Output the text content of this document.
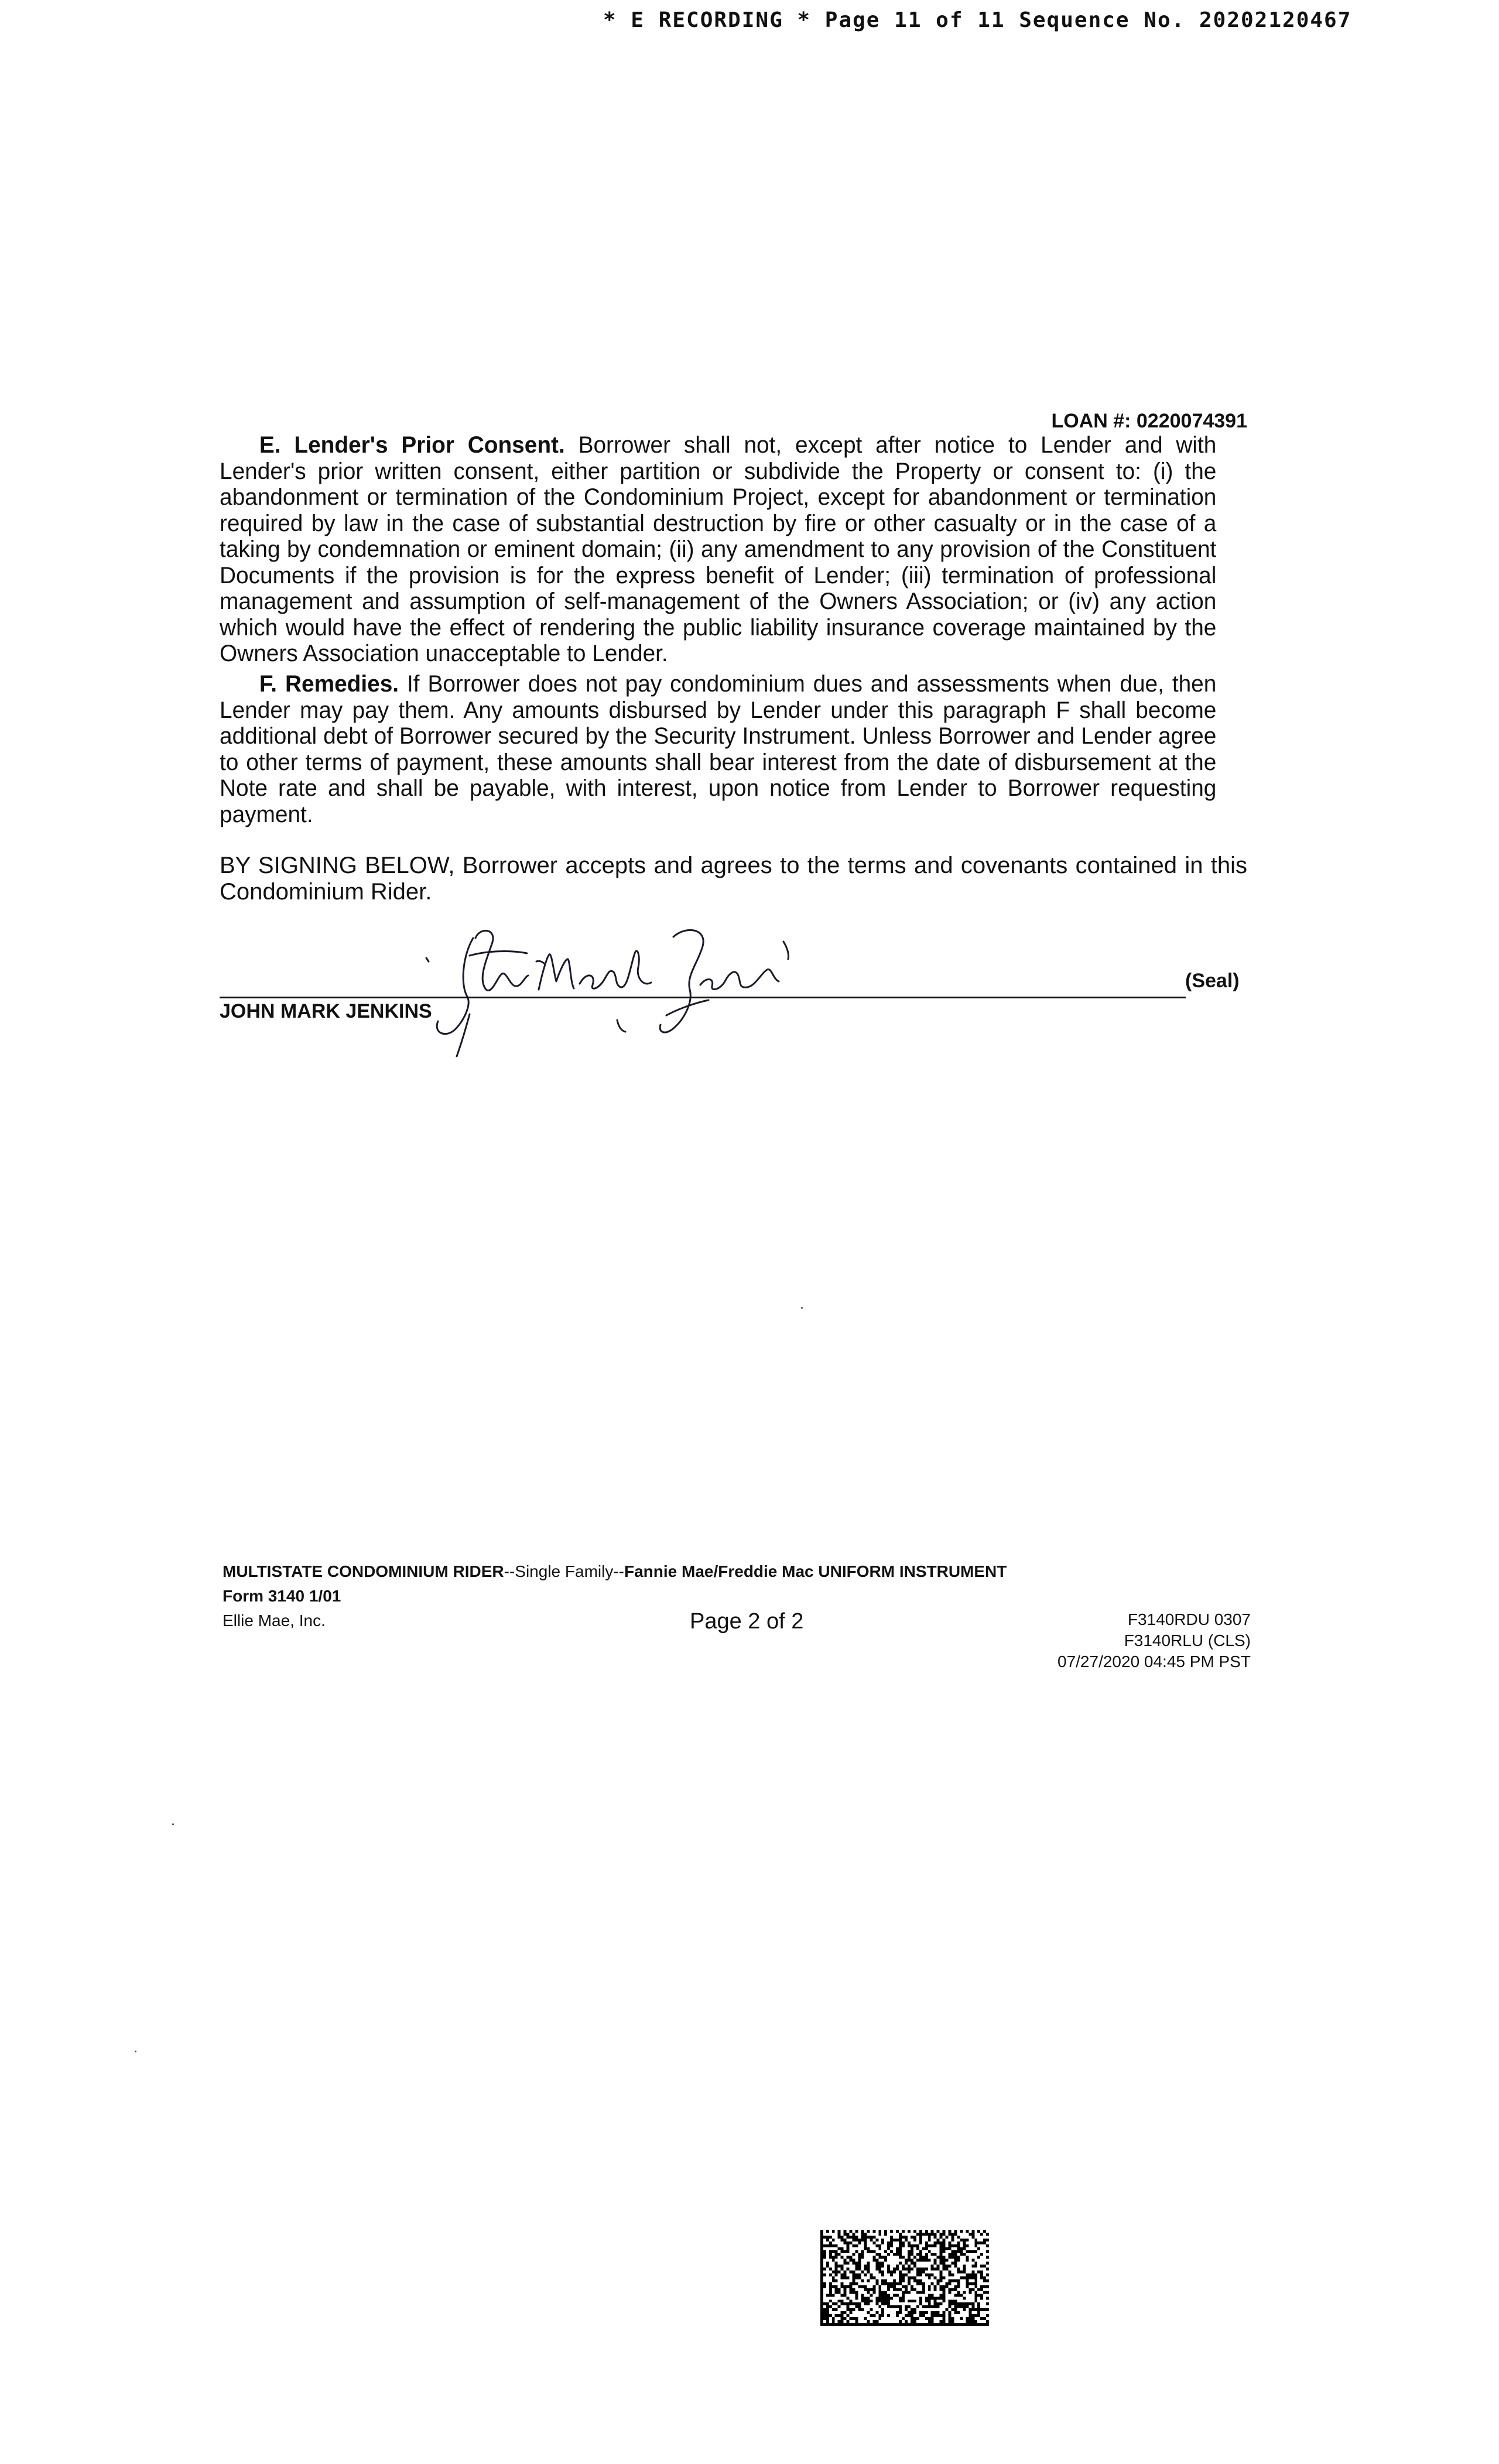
* E RECORDING * Page 11 of 11 Sequence No. 20202120467
LOAN #: 0220074391

E. Lender's Prior Consent. Borrower shall not, except after notice to Lender and with Lender's prior written consent, either partition or subdivide the Property or consent to: (i) the abandonment or termination of the Condominium Project, except for abandonment or termination required by law in the case of substantial destruction by fire or other casualty or in the case of a taking by condemnation or eminent domain; (ii) any amendment to any provision of the Constituent Documents if the provision is for the express benefit of Lender; (iii) termination of professional management and assumption of self-management of the Owners Association; or (iv) any action which would have the effect of rendering the public liability insurance coverage maintained by the Owners Association unacceptable to Lender.

F. Remedies. If Borrower does not pay condominium dues and assessments when due, then Lender may pay them. Any amounts disbursed by Lender under this paragraph F shall become additional debt of Borrower secured by the Security Instrument. Unless Borrower and Lender agree to other terms of payment, these amounts shall bear interest from the date of disbursement at the Note rate and shall be payable, with interest, upon notice from Lender to Borrower requesting payment.

BY SIGNING BELOW, Borrower accepts and agrees to the terms and covenants contained in this Condominium Rider.

(Seal)
JOHN MARK JENKINS
MULTISTATE CONDOMINIUM RIDER--Single Family--Fannie Mae/Freddie Mac UNIFORM INSTRUMENT
Form 3140 1/01
Ellie Mae, Inc.	Page 2 of 2	F3140RDU 0307
F3140RLU (CLS)
07/27/2020 04:45 PM PST
